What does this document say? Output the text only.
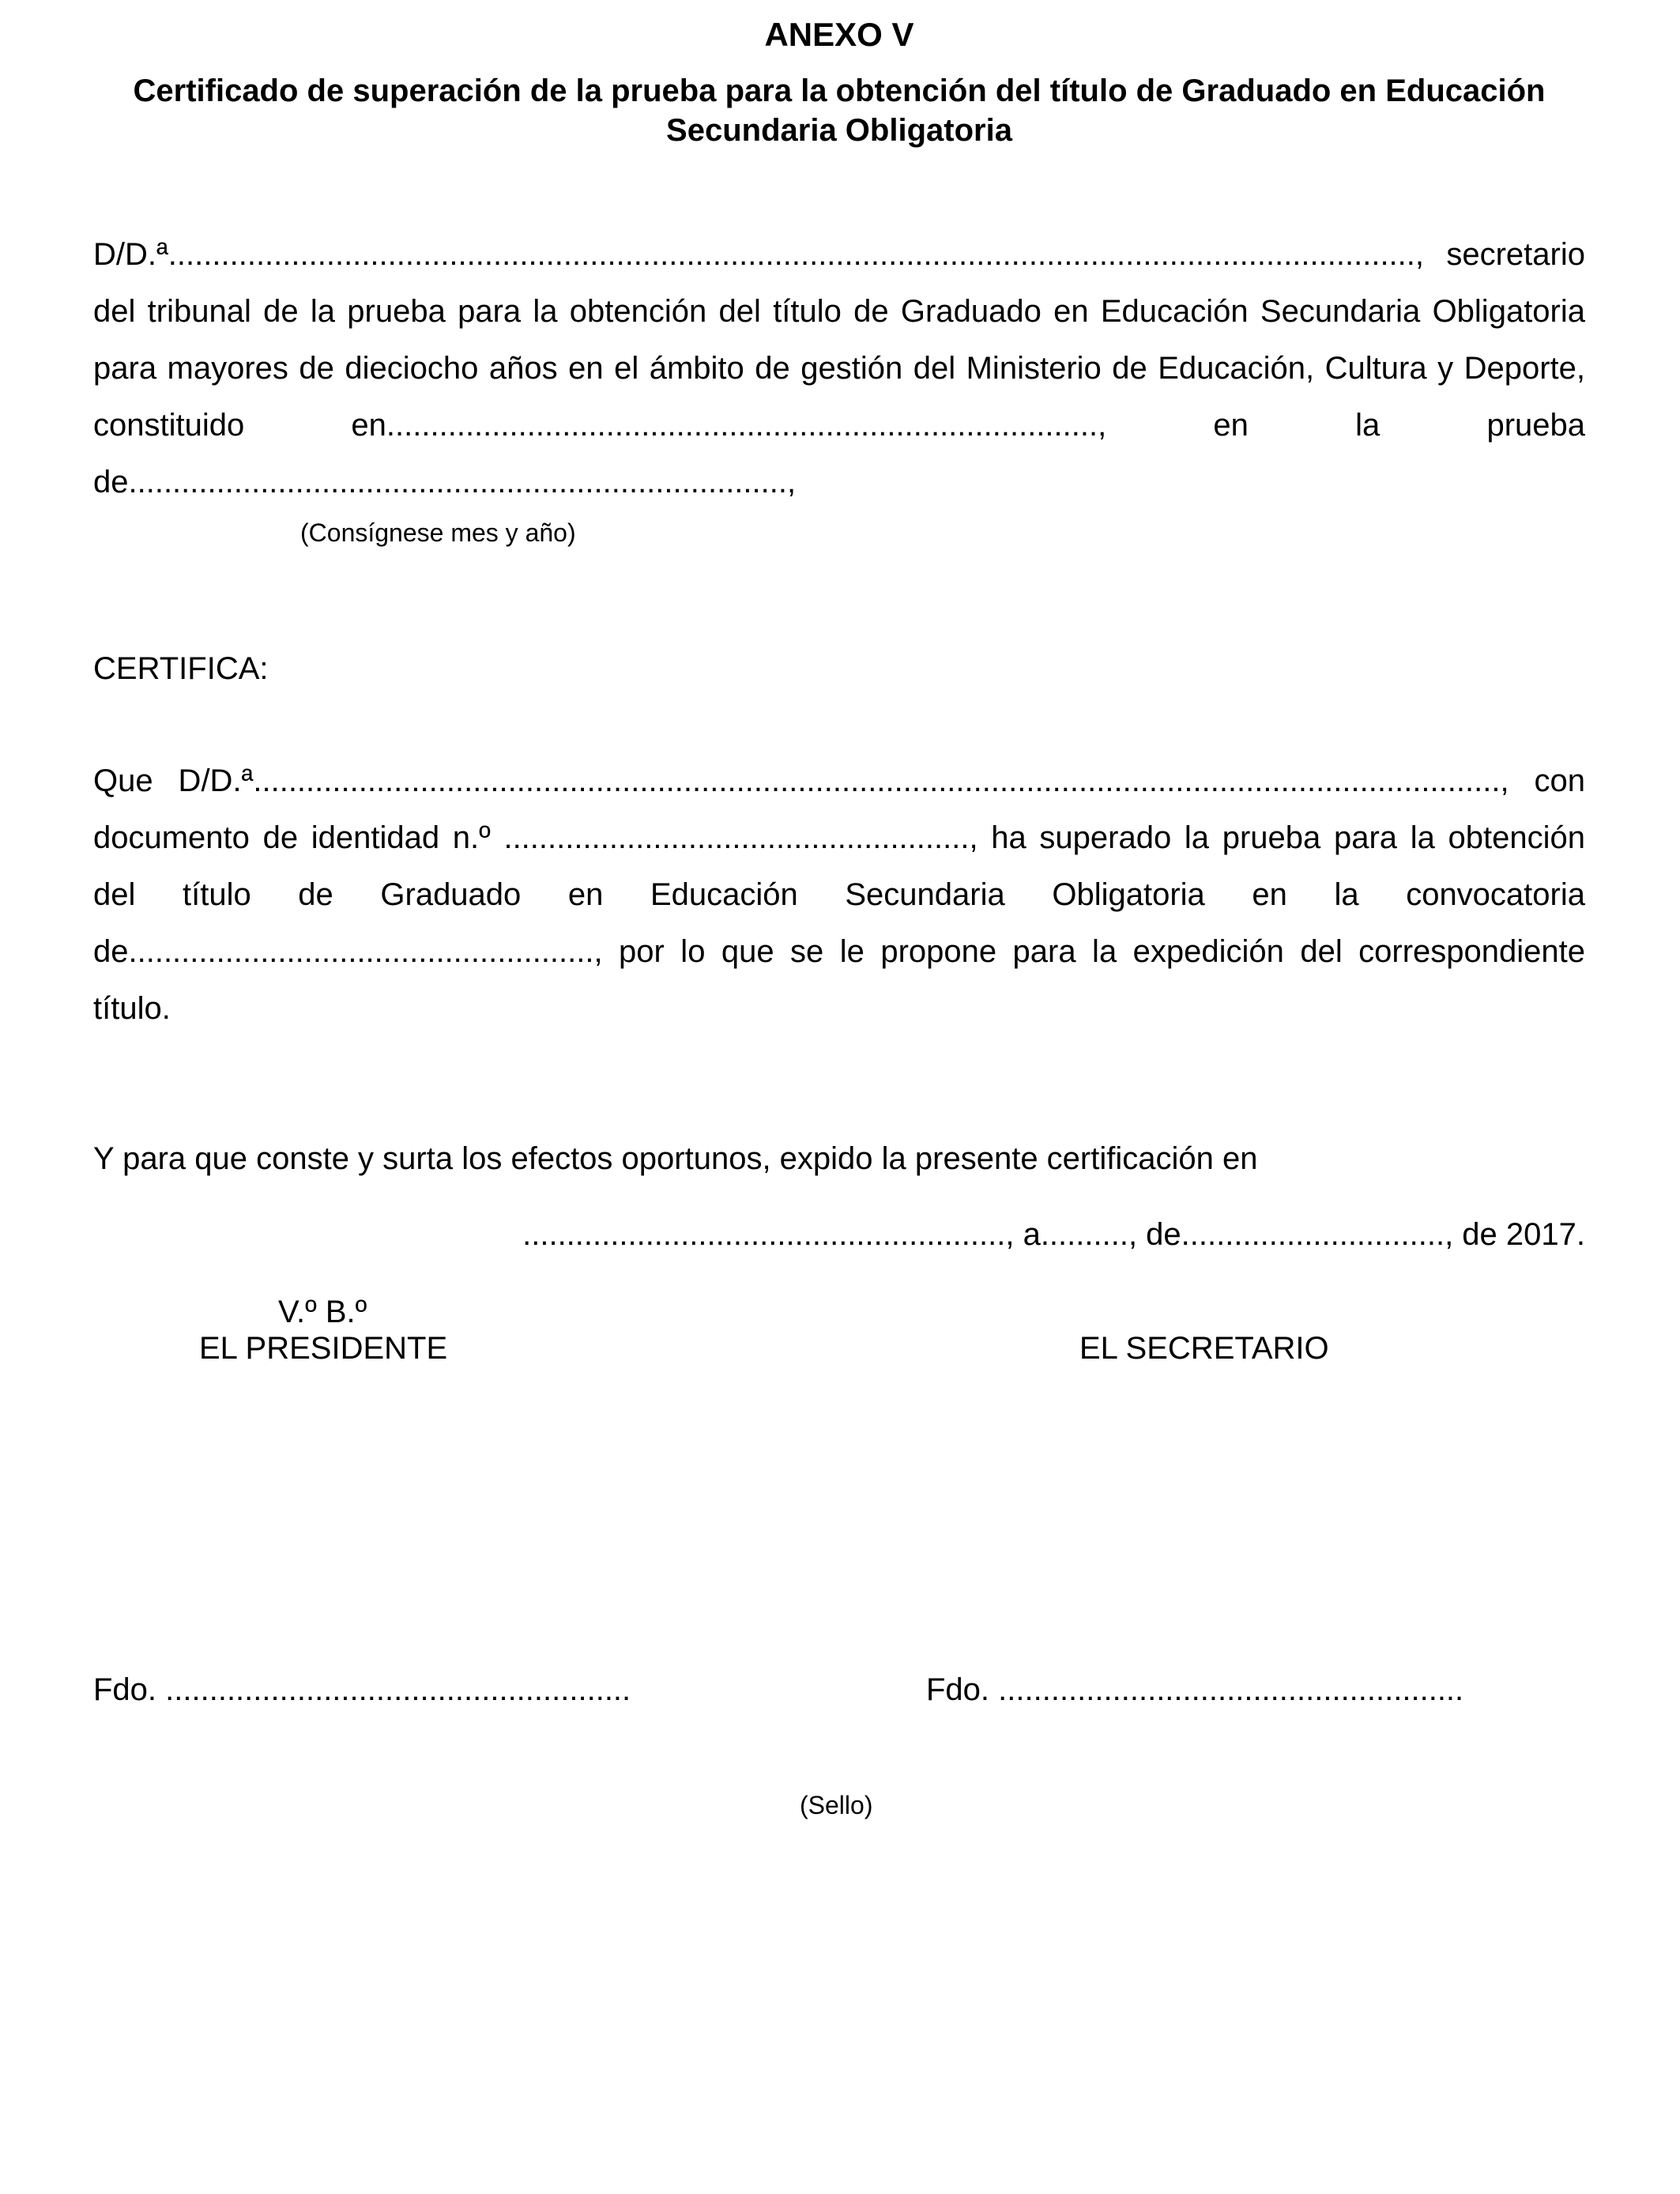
ANEXO V
Certificado de superación de la prueba para la obtención del título de Graduado en Educación Secundaria Obligatoria

D/D.ª.............................................................................................................................................., secretario del tribunal de la prueba para la obtención del título de Graduado en Educación Secundaria Obligatoria para mayores de dieciocho años en el ámbito de gestión del Ministerio de Educación, Cultura y Deporte, constituido en................................................................................., en la prueba de...........................................................................,

(Consígnese mes y año)

CERTIFICA:

Que D/D.ª.............................................................................................................................................., con documento de identidad n.º ....................................................., ha superado la prueba para la obtención del título de Graduado en Educación Secundaria Obligatoria en la convocatoria de....................................................., por lo que se le propone para la expedición del correspondiente título.

Y para que conste y surta los efectos oportunos, expido la presente certificación en

......................................................., a.........., de.............................., de 2017.

V.º B.º

EL PRESIDENTE	EL SECRETARIO

Fdo. .....................................................	Fdo. .....................................................

(Sello)
